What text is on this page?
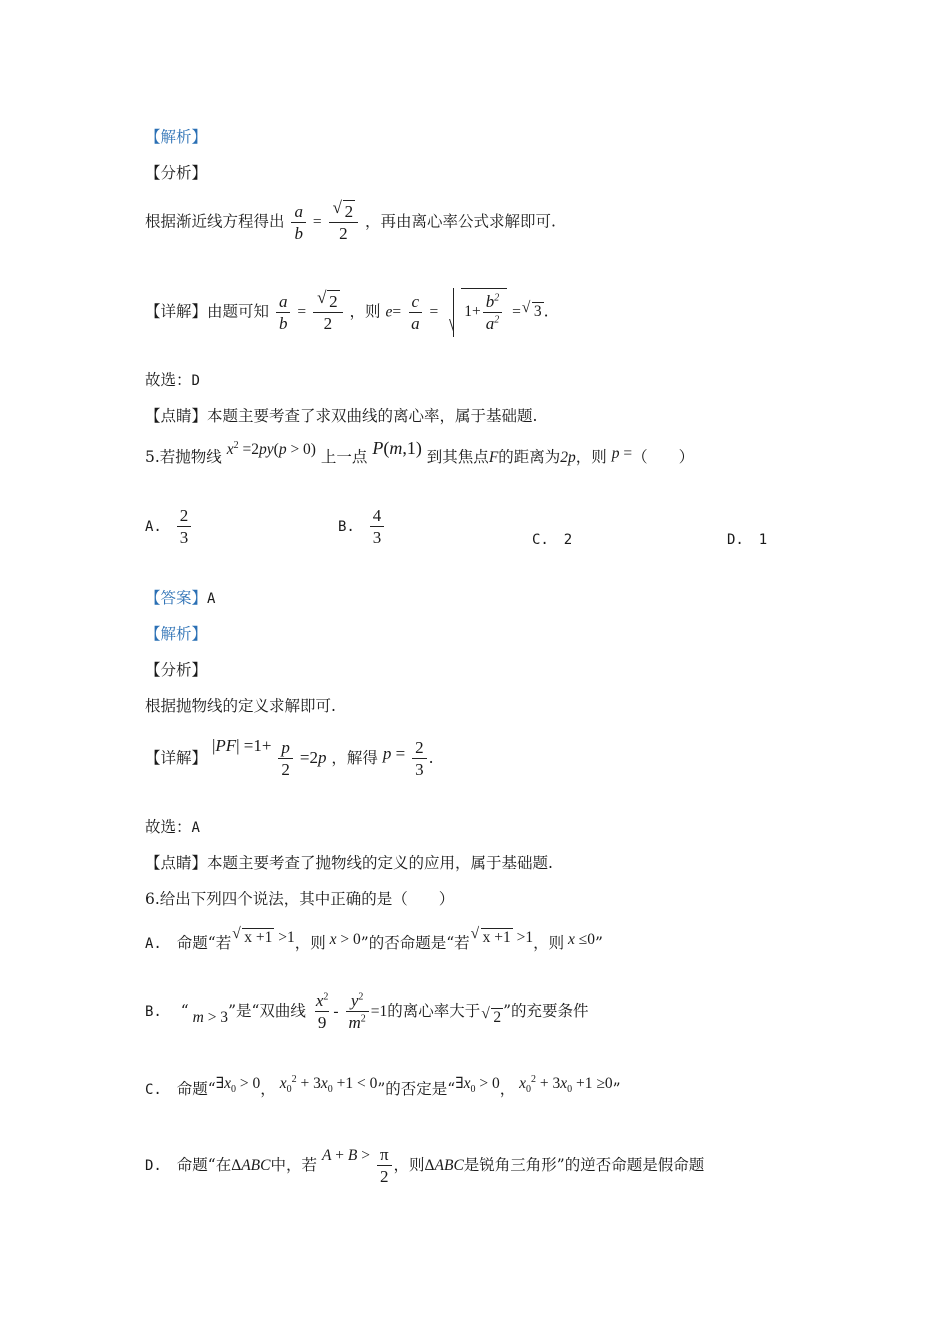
【解析】
【分析】
根据渐近线方程得出 $\frac{a}{b}$ = √ $\frac{2}{2}$ ，再由离心率公式求解即可.
【详解】由题可知 $\frac{a}{b}$ = √ $\frac{2}{2}$ ，则 $e= \frac{c}{a} = 1+ \frac{b^2}{a^2}$ = √ 3 .
故选：D
【点睛】本题主要考查了求双曲线的离心率，属于基础题.
5.若抛物线 $x^2 =2py(p > 0)$ 上一点 P(m,1) 到其焦点F的距离为2p，则 p =（　　）
A. $\frac{2}{3}$	B. $\frac{4}{3}$	C. 2	D. 1
【答案】A
【解析】
【分析】
根据抛物线的定义求解即可.
【详解】 $|PF| =1+ \frac{p}{2} =2p$ ，解得 $p = \frac{2}{3}$ .
故选：A
【点睛】本题主要考查了抛物线的定义的应用，属于基础题.
6.给出下列四个说法，其中正确的是（　　）
A. 命题“若 √ x +1 >1，则 x > 0”的否命题是“若 √ x +1 >1，则 x ≤0”
B. “ m > 3”是“双曲线 $\frac{x^2}{9} - \frac{y^2}{m^2} =1$的离心率大于 √ 2 ”的充要条件
C. 命题“$\exists x_0 > 0$， $x_0^2 + 3x_0 +1 < 0$”的否定是“$\exists x_0 > 0$， $x_0^2 + 3x_0 +1 \ge 0$”
D. 命题“在ΔABC中，若 $A + B > \frac{\pi}{2}$ ，则ΔABC是锐角三角形”的逆否命题是假命题
